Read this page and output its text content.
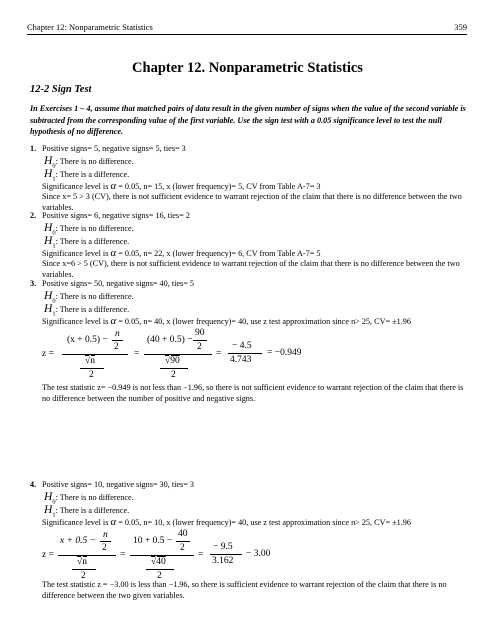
Chapter 12: Nonparametric Statistics	359
Chapter 12. Nonparametric Statistics
12-2 Sign Test
In Exercises 1 – 4, assume that matched pairs of data result in the given number of signs when the value of the second variable is subtracted from the corresponding value of the first variable. Use the sign test with a 0.05 significance level to test the null hypothesis of no difference.

1. Positive signs= 5, negative signs= 5, ties= 3

$H_0$: There is no difference.

$H_1$: There is a difference.

Significance level is α = 0.05, n= 15, x (lower frequency)= 5, CV from Table A-7= 3

Since x= 5 > 3 (CV), there is not sufficient evidence to warrant rejection of the claim that there is no difference between the two variables.

2. Positive signs= 6, negative signs= 16, ties= 2

$H_0$: There is no difference.

$H_1$: There is a difference.

Significance level is α = 0.05, n= 22, x (lower frequency)= 6, CV from Table A-7= 5

Since x=6 > 5 (CV), there is not sufficient evidence to warrant rejection of the claim that there is no difference between the two variables.

3. Positive signs= 50, negative signs= 40, ties= 5

$H_0$: There is no difference.

$H_1$: There is a difference.

Significance level is α = 0.05, n= 40, x (lower frequency)= 40, use z test approximation since n> 25, CV= ±1.96

z =
(x + 0.5) −
n
2
√n
2
=
(40 + 0.5) −
90
2
√90
2
=
− 4.5
4.743
= −0.949

The test statistic z= −0.949 is not less than −1.96, so there is not sufficient evidence to warrant rejection of the claim that there is no difference between the number of positive and negative signs.

4. Positive signs= 10, negative signs= 30, ties= 3

$H_0$: There is no difference.

$H_1$: There is a difference.

Significance level is α = 0.05, n= 10, x (lower frequency)= 40, use z test approximation since n> 25, CV= ±1.96

z =
x + 0.5 −
n
2
√n
2
=
10 + 0.5 −
40
2
√40
2
=
− 9.5
3.162
− 3.00

The test statistic z = −3.00 is less than −1.96, so there is sufficient evidence to warrant rejection of the claim that there is no difference between the two given variables.
